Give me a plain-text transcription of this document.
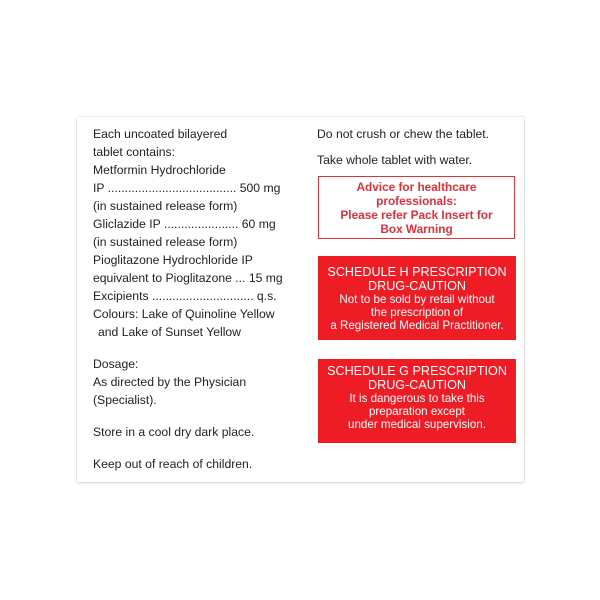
Each uncoated bilayered
tablet contains:
Metformin Hydrochloride
IP ...................................... 500 mg
(in sustained release form)
Gliclazide IP ...................... 60 mg
(in sustained release form)
Pioglitazone Hydrochloride IP
equivalent to Pioglitazone ... 15 mg
Excipients .............................. q.s.
Colours: Lake of Quinoline Yellow
and Lake of Sunset Yellow
Dosage:
As directed by the Physician
(Specialist).
Store in a cool dry dark place.
Keep out of reach of children.
Do not crush or chew the tablet.
Take whole tablet with water.
Advice for healthcare
professionals:
Please refer Pack Insert for
Box Warning
SCHEDULE H PRESCRIPTION
DRUG-CAUTION
Not to be sold by retail without
the prescription of
a Registered Medical Practitioner.
SCHEDULE G PRESCRIPTION
DRUG-CAUTION
It is dangerous to take this
preparation except
under medical supervision.
